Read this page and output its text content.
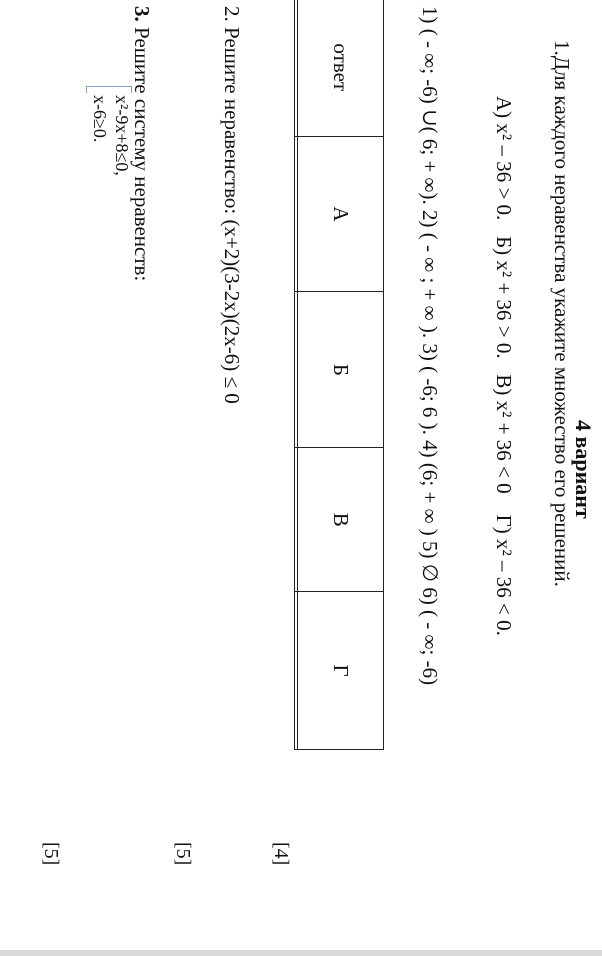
4 вариант
1.Для каждого неравенства укажите множество его решений.
А) x² – 36 > 0.   Б) x² + 36 > 0.   В) x² + 36 < 0    Г) x² – 36 < 0.
1) ( - ∞; -6) ∪( 6; + ∞). 2) ( - ∞ ; + ∞ ). 3) ( -6; 6 ). 4) (6; + ∞ ) 5) ∅ 6) ( - ∞; -6)
ответ	А	Б	В	Г

[4]
2. Решите неравенство: (x+2)(3-2x)(2x-6) ≤ 0
[5]
3. Решите систему неравенств:
x²-9x+8≤0,
x-6≥0.
[5]
